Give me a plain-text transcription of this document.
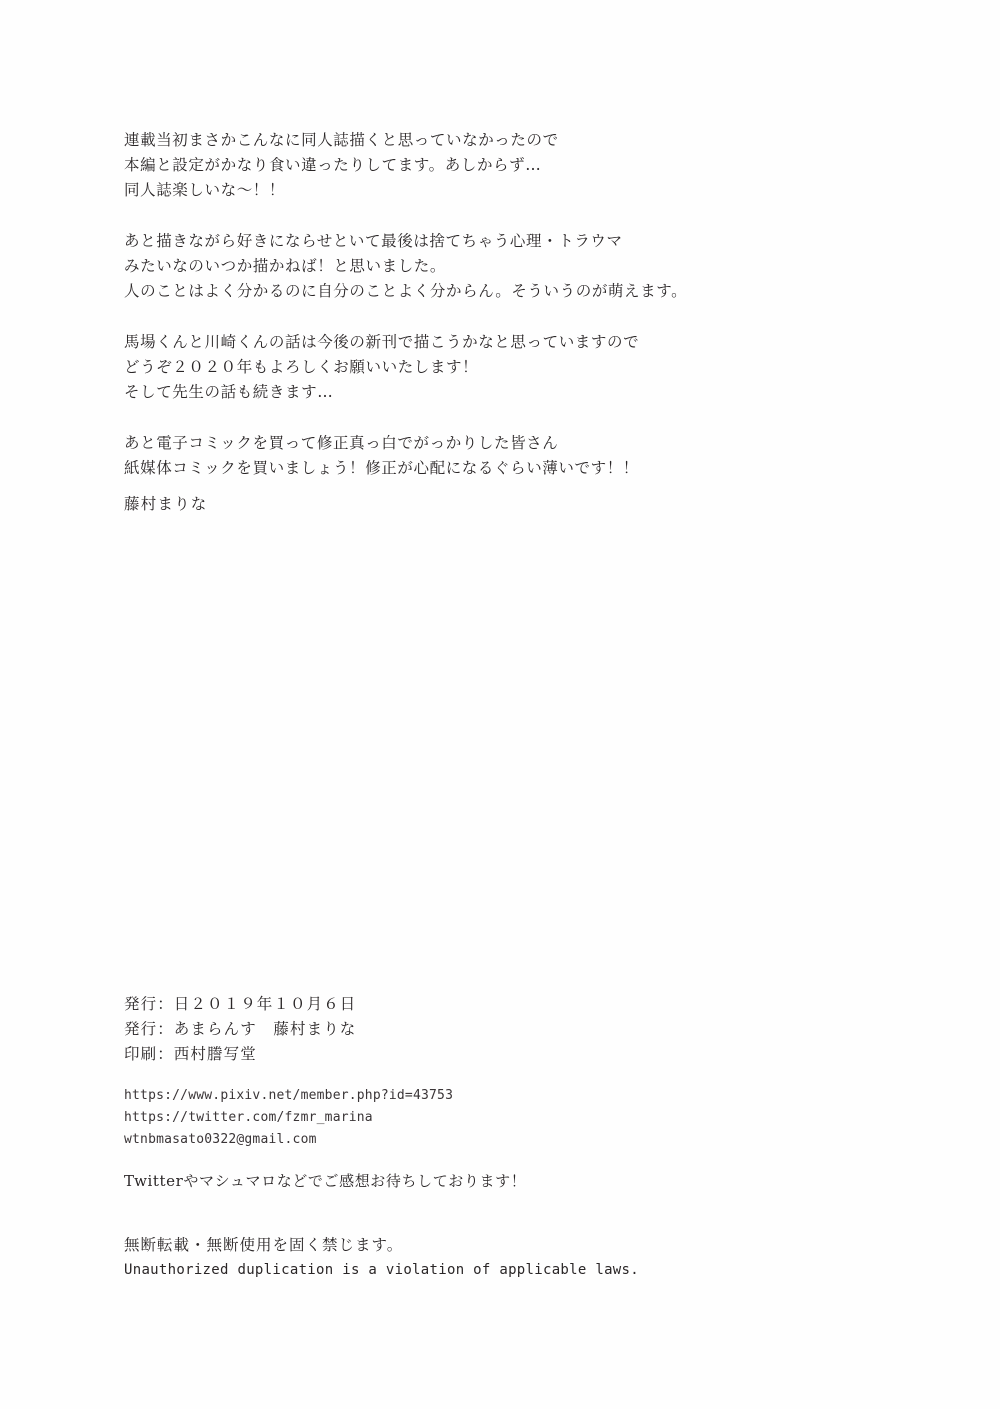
連載当初まさかこんなに同人誌描くと思っていなかったので
本編と設定がかなり食い違ったりしてます。あしからず…
同人誌楽しいな〜！！
あと描きながら好きにならせといて最後は捨てちゃう心理・トラウマ
みたいなのいつか描かねば！と思いました。
人のことはよく分かるのに自分のことよく分からん。そういうのが萌えます。
馬場くんと川崎くんの話は今後の新刊で描こうかなと思っていますので
どうぞ２０２０年もよろしくお願いいたします！
そして先生の話も続きます…
あと電子コミックを買って修正真っ白でがっかりした皆さん
紙媒体コミックを買いましょう！修正が心配になるぐらい薄いです！！
藤村まりな
発行：日２０１９年１０月６日
発行：あまらんす　藤村まりな
印刷：西村謄写堂
https://www.pixiv.net/member.php?id=43753
https://twitter.com/fzmr_marina
wtnbmasato0322@gmail.com
Twitterやマシュマロなどでご感想お待ちしております！
無断転載・無断使用を固く禁じます。
Unauthorized duplication is a violation of applicable laws.
